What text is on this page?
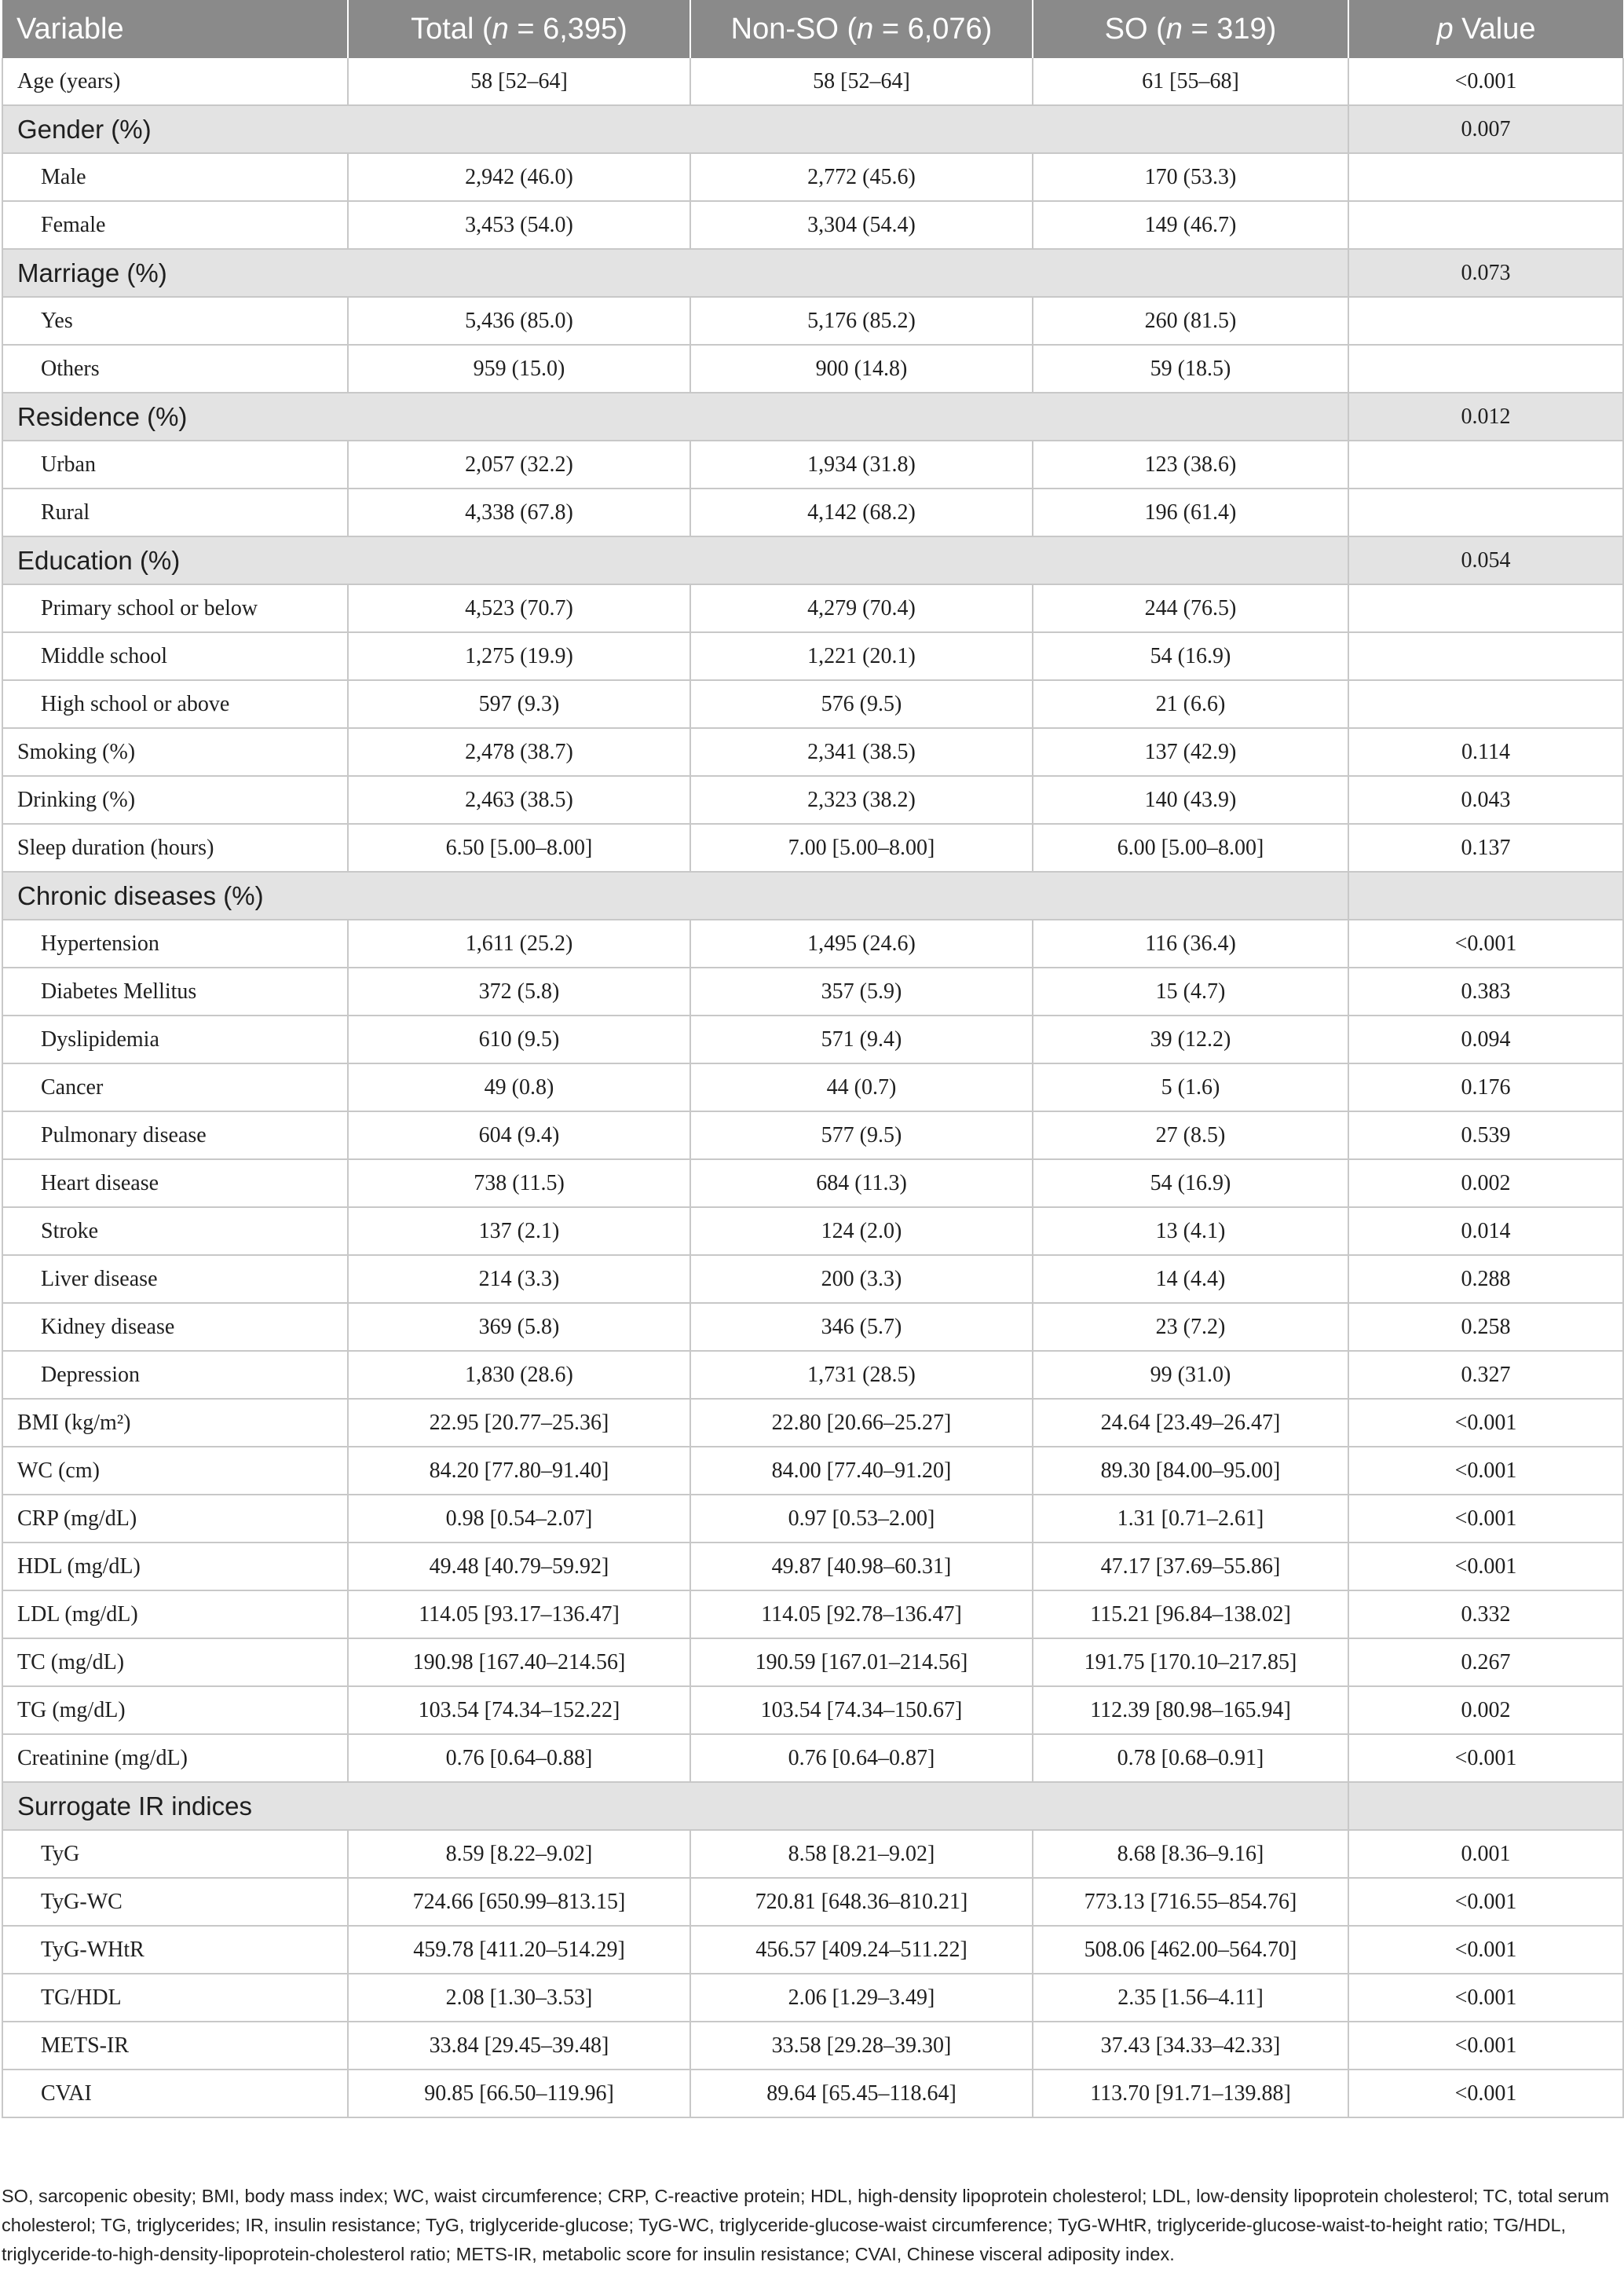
Variable	Total (n = 6,395)	Non-SO (n = 6,076)	SO (n = 319)	p Value
Age (years)	58 [52–64]	58 [52–64]	61 [55–68]	<0.001
Gender (%)				0.007
Male	2,942 (46.0)	2,772 (45.6)	170 (53.3)	
Female	3,453 (54.0)	3,304 (54.4)	149 (46.7)	
Marriage (%)				0.073
Yes	5,436 (85.0)	5,176 (85.2)	260 (81.5)	
Others	959 (15.0)	900 (14.8)	59 (18.5)	
Residence (%)				0.012
Urban	2,057 (32.2)	1,934 (31.8)	123 (38.6)	
Rural	4,338 (67.8)	4,142 (68.2)	196 (61.4)	
Education (%)				0.054
Primary school or below	4,523 (70.7)	4,279 (70.4)	244 (76.5)	
Middle school	1,275 (19.9)	1,221 (20.1)	54 (16.9)	
High school or above	597 (9.3)	576 (9.5)	21 (6.6)	
Smoking (%)	2,478 (38.7)	2,341 (38.5)	137 (42.9)	0.114
Drinking (%)	2,463 (38.5)	2,323 (38.2)	140 (43.9)	0.043
Sleep duration (hours)	6.50 [5.00–8.00]	7.00 [5.00–8.00]	6.00 [5.00–8.00]	0.137
Chronic diseases (%)				
Hypertension	1,611 (25.2)	1,495 (24.6)	116 (36.4)	<0.001
Diabetes Mellitus	372 (5.8)	357 (5.9)	15 (4.7)	0.383
Dyslipidemia	610 (9.5)	571 (9.4)	39 (12.2)	0.094
Cancer	49 (0.8)	44 (0.7)	5 (1.6)	0.176
Pulmonary disease	604 (9.4)	577 (9.5)	27 (8.5)	0.539
Heart disease	738 (11.5)	684 (11.3)	54 (16.9)	0.002
Stroke	137 (2.1)	124 (2.0)	13 (4.1)	0.014
Liver disease	214 (3.3)	200 (3.3)	14 (4.4)	0.288
Kidney disease	369 (5.8)	346 (5.7)	23 (7.2)	0.258
Depression	1,830 (28.6)	1,731 (28.5)	99 (31.0)	0.327
BMI (kg/m²)	22.95 [20.77–25.36]	22.80 [20.66–25.27]	24.64 [23.49–26.47]	<0.001
WC (cm)	84.20 [77.80–91.40]	84.00 [77.40–91.20]	89.30 [84.00–95.00]	<0.001
CRP (mg/dL)	0.98 [0.54–2.07]	0.97 [0.53–2.00]	1.31 [0.71–2.61]	<0.001
HDL (mg/dL)	49.48 [40.79–59.92]	49.87 [40.98–60.31]	47.17 [37.69–55.86]	<0.001
LDL (mg/dL)	114.05 [93.17–136.47]	114.05 [92.78–136.47]	115.21 [96.84–138.02]	0.332
TC (mg/dL)	190.98 [167.40–214.56]	190.59 [167.01–214.56]	191.75 [170.10–217.85]	0.267
TG (mg/dL)	103.54 [74.34–152.22]	103.54 [74.34–150.67]	112.39 [80.98–165.94]	0.002
Creatinine (mg/dL)	0.76 [0.64–0.88]	0.76 [0.64–0.87]	0.78 [0.68–0.91]	<0.001
Surrogate IR indices				
TyG	8.59 [8.22–9.02]	8.58 [8.21–9.02]	8.68 [8.36–9.16]	0.001
TyG-WC	724.66 [650.99–813.15]	720.81 [648.36–810.21]	773.13 [716.55–854.76]	<0.001
TyG-WHtR	459.78 [411.20–514.29]	456.57 [409.24–511.22]	508.06 [462.00–564.70]	<0.001
TG/HDL	2.08 [1.30–3.53]	2.06 [1.29–3.49]	2.35 [1.56–4.11]	<0.001
METS-IR	33.84 [29.45–39.48]	33.58 [29.28–39.30]	37.43 [34.33–42.33]	<0.001
CVAI	90.85 [66.50–119.96]	89.64 [65.45–118.64]	113.70 [91.71–139.88]	<0.001
SO, sarcopenic obesity; BMI, body mass index; WC, waist circumference; CRP, C-reactive protein; HDL, high-density lipoprotein cholesterol; LDL, low-density lipoprotein cholesterol; TC, total serum cholesterol; TG, triglycerides; IR, insulin resistance; TyG, triglyceride-glucose; TyG-WC, triglyceride-glucose-waist circumference; TyG-WHtR, triglyceride-glucose-waist-to-height ratio; TG/HDL, triglyceride-to-high-density-lipoprotein-cholesterol ratio; METS-IR, metabolic score for insulin resistance; CVAI, Chinese visceral adiposity index.
